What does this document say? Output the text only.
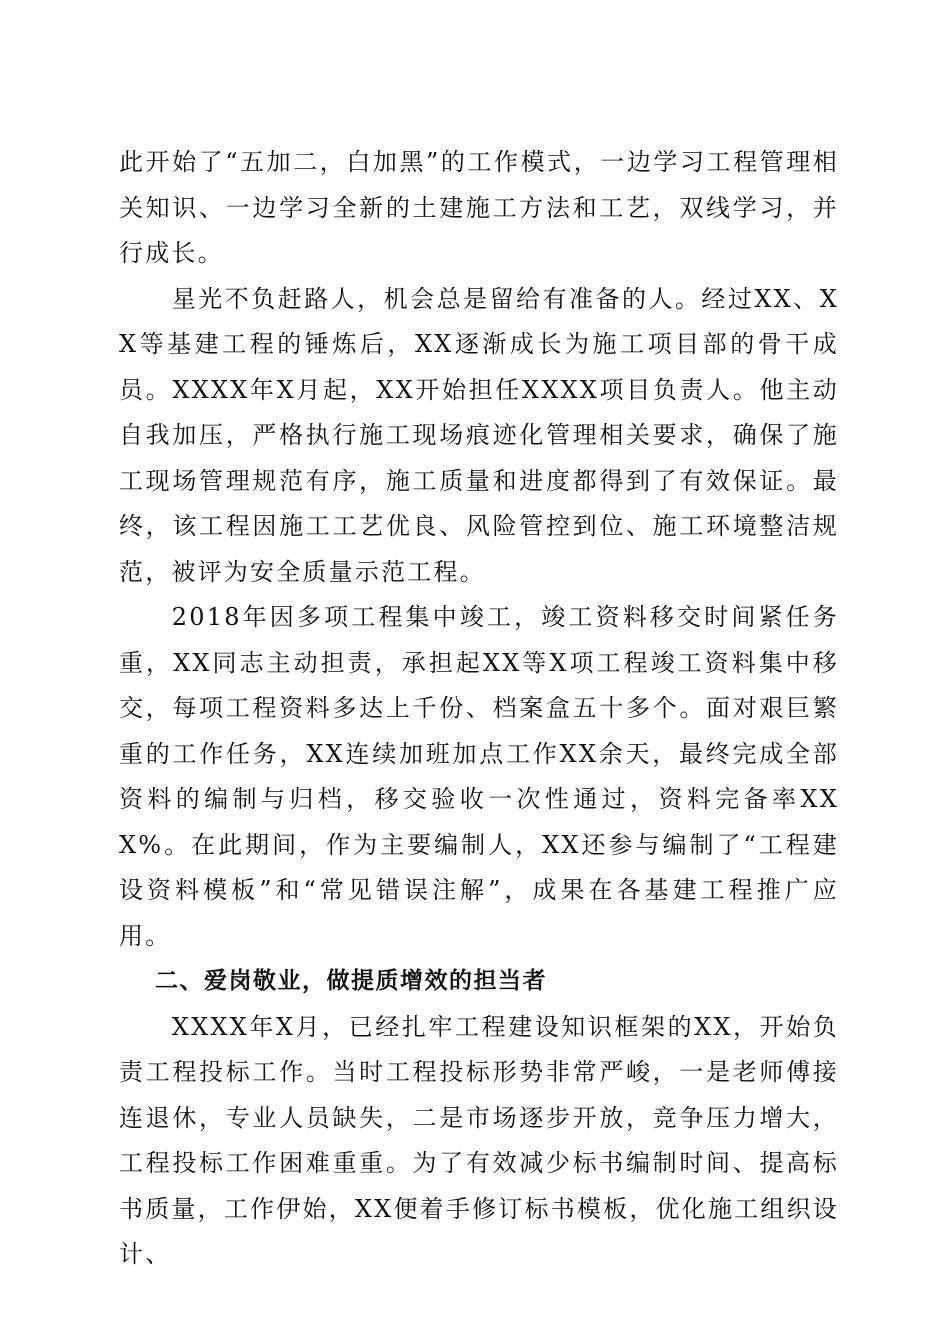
此开始了“五加二，白加黑”的工作模式，一边学习工程管理相关知识、一边学习全新的土建施工方法和工艺，双线学习，并行成长。

星光不负赶路人，机会总是留给有准备的人。经过XX、XX等基建工程的锤炼后，XX逐渐成长为施工项目部的骨干成员。XXXX年X月起，XX开始担任XXXX项目负责人。他主动自我加压，严格执行施工现场痕迹化管理相关要求，确保了施工现场管理规范有序，施工质量和进度都得到了有效保证。最终，该工程因施工工艺优良、风险管控到位、施工环境整洁规范，被评为安全质量示范工程。

2018年因多项工程集中竣工，竣工资料移交时间紧任务重，XX同志主动担责，承担起XX等X项工程竣工资料集中移交，每项工程资料多达上千份、档案盒五十多个。面对艰巨繁重的工作任务，XX连续加班加点工作XX余天，最终完成全部资料的编制与归档，移交验收一次性通过，资料完备率XXX%。在此期间，作为主要编制人，XX还参与编制了“工程建设资料模板”和“常见错误注解”，成果在各基建工程推广应用。

二、爱岗敬业，做提质增效的担当者

XXXX年X月，已经扎牢工程建设知识框架的XX，开始负责工程投标工作。当时工程投标形势非常严峻，一是老师傅接连退休，专业人员缺失，二是市场逐步开放，竞争压力增大，工程投标工作困难重重。为了有效减少标书编制时间、提高标书质量，工作伊始，XX便着手修订标书模板，优化施工组织设计、
